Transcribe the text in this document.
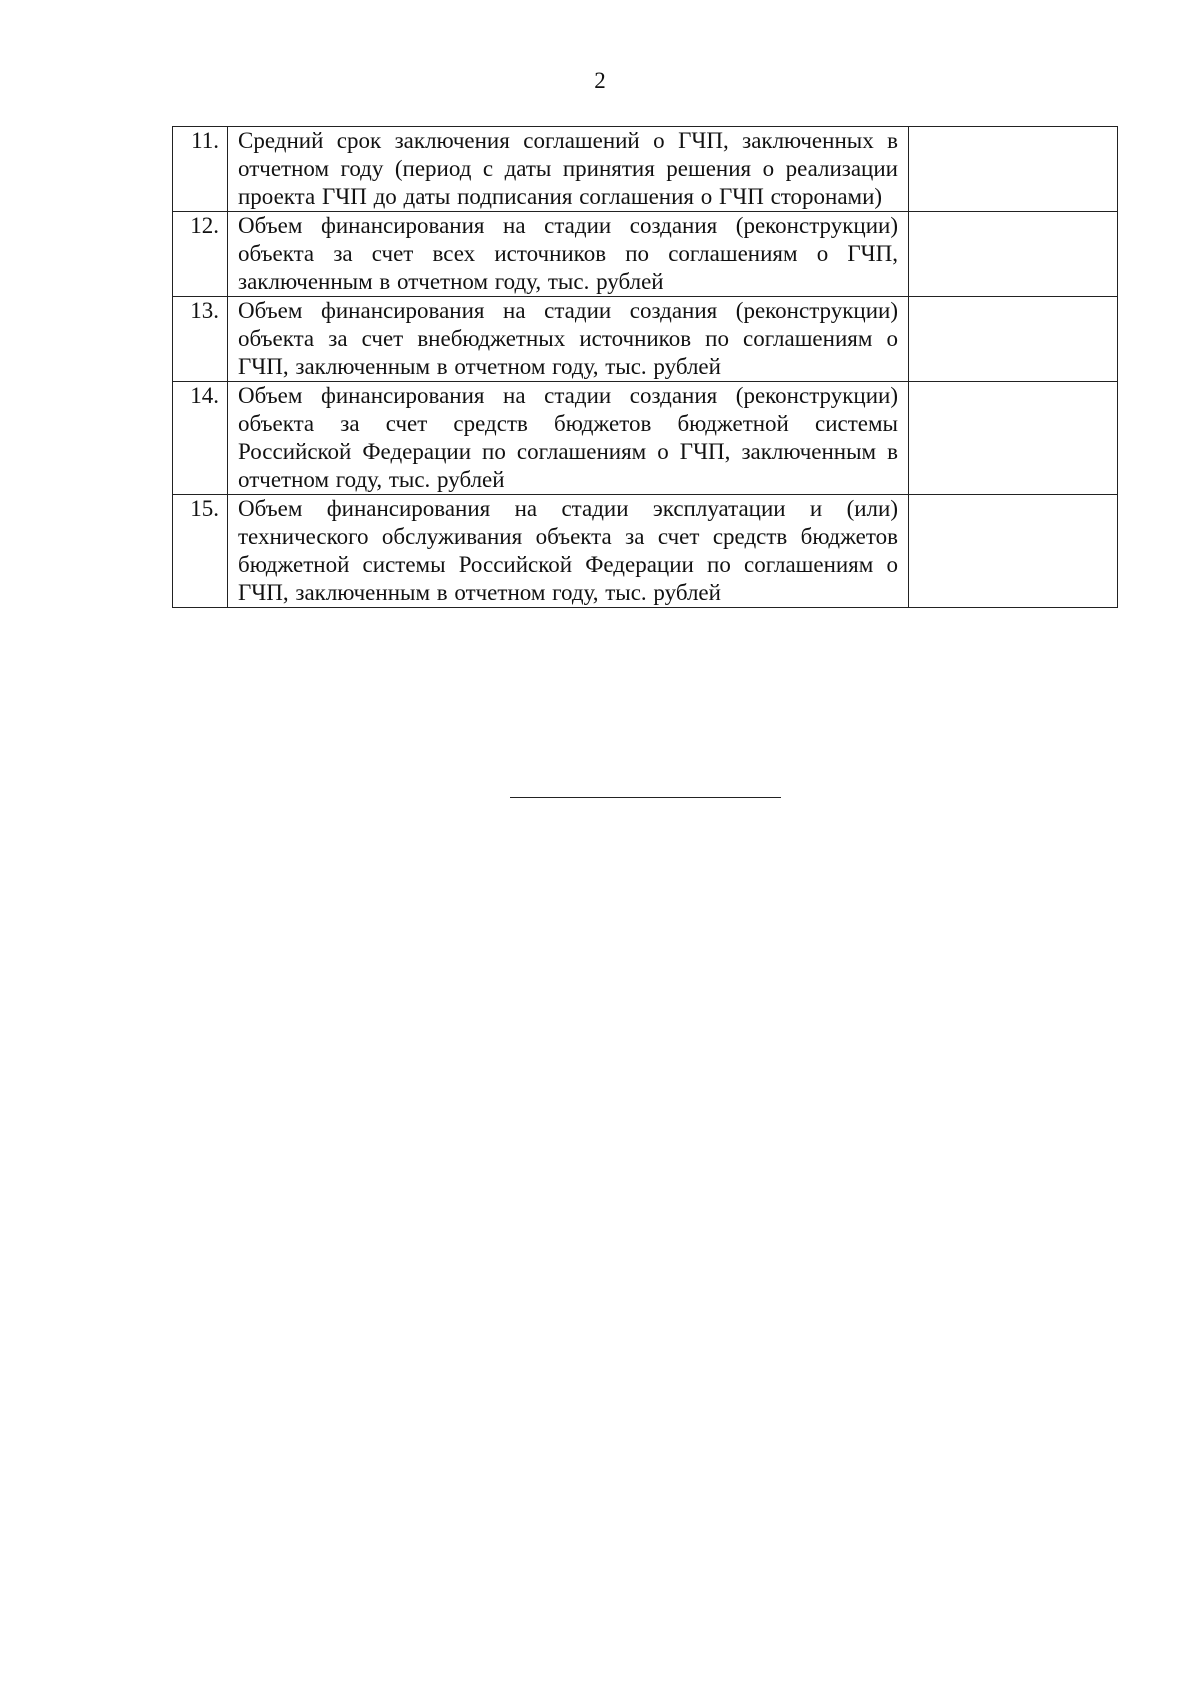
2
11.	Средний срок заключения соглашений о ГЧП, заключенных в отчетном году (период с даты принятия решения о реализации проекта ГЧП до даты подписания соглашения о ГЧП сторонами)	
12.	Объем финансирования на стадии создания (реконструкции) объекта за счет всех источников по соглашениям о ГЧП, заключенным в отчетном году, тыс. рублей	
13.	Объем финансирования на стадии создания (реконструкции) объекта за счет внебюджетных источников по соглашениям о ГЧП, заключенным в отчетном году, тыс. рублей	
14.	Объем финансирования на стадии создания (реконструкции) объекта за счет средств бюджетов бюджетной системы Российской Федерации по соглашениям о ГЧП, заключенным в отчетном году, тыс. рублей	
15.	Объем финансирования на стадии эксплуатации и (или) технического обслуживания объекта за счет средств бюджетов бюджетной системы Российской Федерации по соглашениям о ГЧП, заключенным в отчетном году, тыс. рублей	
